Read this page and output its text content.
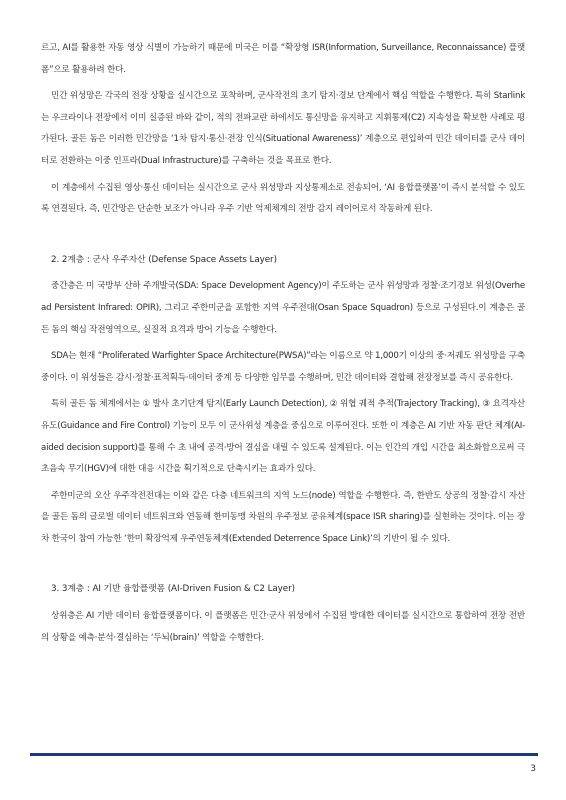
르고, AI를 활용한 자동 영상 식별이 가능하기 때문에 미국은 이를 “확장형 ISR(Information, Surveillance, Reconnaissance) 플랫폼”으로 활용하려 한다.

민간 위성망은 각국의 전장 상황을 실시간으로 포착하며, 군사작전의 초기 탐지·경보 단계에서 핵심 역할을 수행한다. 특히 Starlink는 우크라이나 전장에서 이미 실증된 바와 같이, 적의 전파교란 하에서도 통신망을 유지하고 지휘통제(C2) 지속성을 확보한 사례로 평가된다. 골든 돔은 이러한 민간망을 ‘1차 탐지·통신·전장 인식(Situational Awareness)’ 계층으로 편입하여 민간 데이터를 군사 데이터로 전환하는 이중 인프라(Dual Infrastructure)를 구축하는 것을 목표로 한다.

이 계층에서 수집된 영상·통신 데이터는 실시간으로 군사 위성망과 지상통제소로 전송되어, ‘AI 융합플랫폼’이 즉시 분석할 수 있도록 연결된다. 즉, 민간망은 단순한 보조가 아니라 우주 기반 억제체계의 전방 감지 레이어로서 작동하게 된다.

2. 2계층 : 군사 우주자산 (Defense Space Assets Layer)

중간층은 미 국방부 산하 주개발국(SDA: Space Development Agency)이 주도하는 군사 위성망과 정찰·조기경보 위성(Overhead Persistent Infrared: OPIR), 그리고 주한미군을 포함한 지역 우주전대(Osan Space Squadron) 등으로 구성된다.이 계층은 골든 돔의 핵심 작전영역으로, 실질적 요격과 방어 기능을 수행한다.

SDA는 현재 “Proliferated Warfighter Space Architecture(PWSA)”라는 이름으로 약 1,000기 이상의 중·저궤도 위성망을 구축 중이다. 이 위성들은 감시·정찰·표적획득·데이터 중계 등 다양한 임무를 수행하며, 민간 데이터와 결합해 전장정보를 즉시 공유한다.

특히 골든 돔 체계에서는 ① 발사 초기단계 탐지(Early Launch Detection), ② 위협 궤적 추적(Trajectory Tracking), ③ 요격자산 유도(Guidance and Fire Control) 기능이 모두 이 군사위성 계층을 중심으로 이루어진다. 또한 이 계층은 AI 기반 자동 판단 체계(AI-aided decision support)를 통해 수 초 내에 공격·방어 결심을 내릴 수 있도록 설계된다. 이는 인간의 개입 시간을 최소화함으로써 극초음속 무기(HGV)에 대한 대응 시간을 획기적으로 단축시키는 효과가 있다.

주한미군의 오산 우주작전전대는 이와 같은 다층 네트워크의 지역 노드(node) 역할을 수행한다. 즉, 한반도 상공의 정찰·감시 자산을 골든 돔의 글로벌 데이터 네트워크와 연동해 한미동맹 차원의 우주정보 공유체계(space ISR sharing)를 실현하는 것이다. 이는 장차 한국이 참여 가능한 ‘한미 확장억제 우주연동체계(Extended Deterrence Space Link)’의 기반이 될 수 있다.

3. 3계층 : AI 기반 융합플랫폼 (AI-Driven Fusion & C2 Layer)

상위층은 AI 기반 데이터 융합플랫폼이다. 이 플랫폼은 민간·군사 위성에서 수집된 방대한 데이터를 실시간으로 통합하여 전장 전반의 상황을 예측·분석·결심하는 ‘두뇌(brain)’ 역할을 수행한다.

3
